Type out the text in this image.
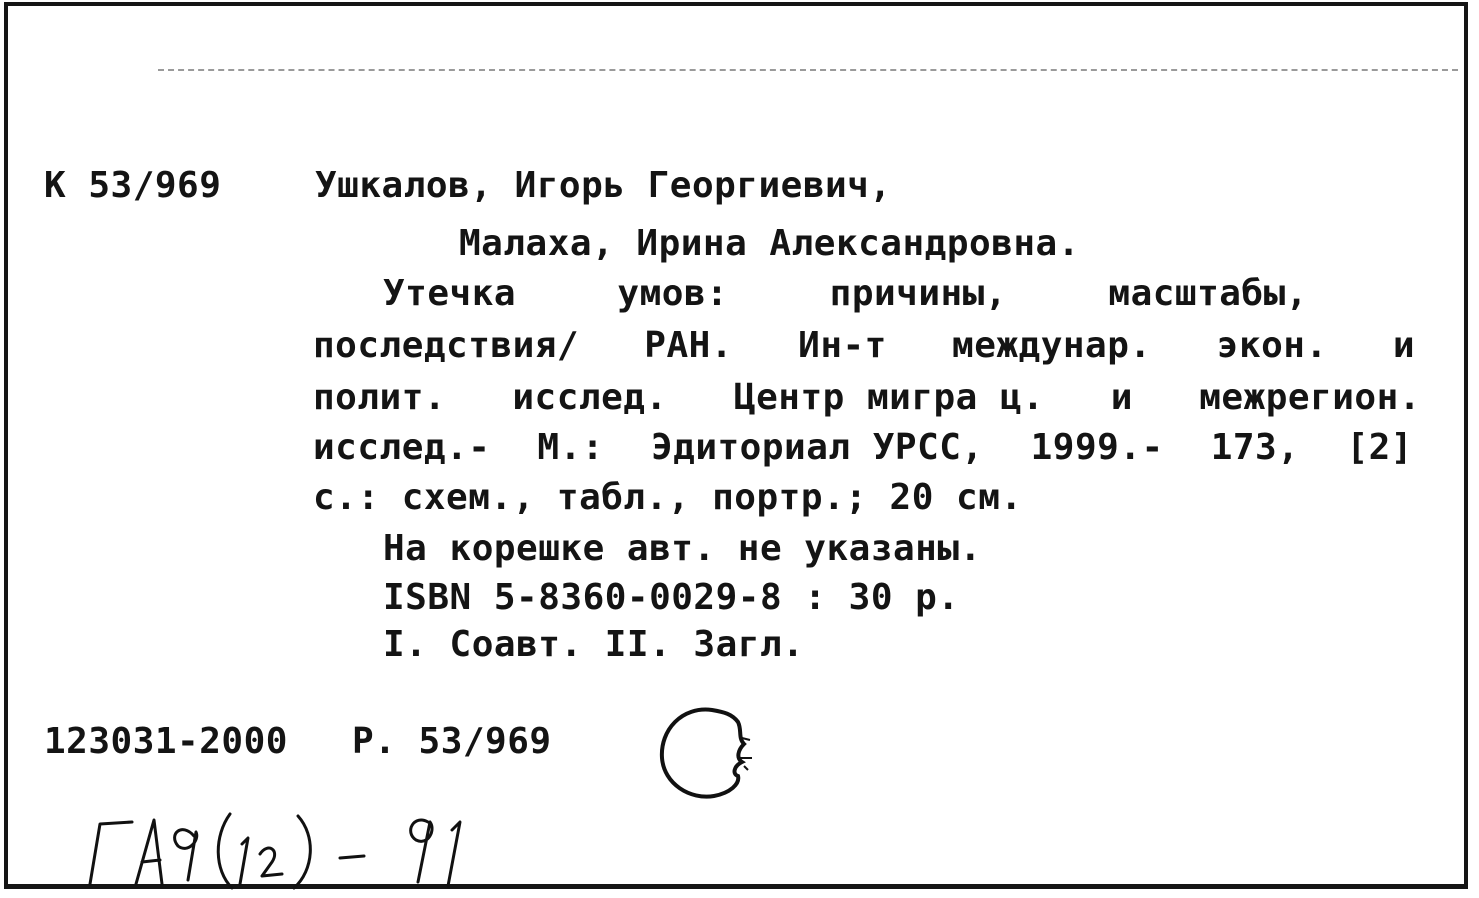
К 53/969	Ушкалов, Игорь Георгиевич,
Малаха, Ирина Александровна.
Утечка	умов:	причины,	масштабы,
последствия/ РАН. Ин-т междунар. экон. и
полит. исслед. Центр мигра ц. и межрегион.
исслед.- М.: Эдиториал УРСС, 1999.- 173, [2]
с.: схем., табл., портр.; 20 см.
На корешке авт. не указаны.
ISBN 5-8360-0029-8 : 30 р.
I. Соавт. II. Загл.
123031-2000 Р. 53/969
